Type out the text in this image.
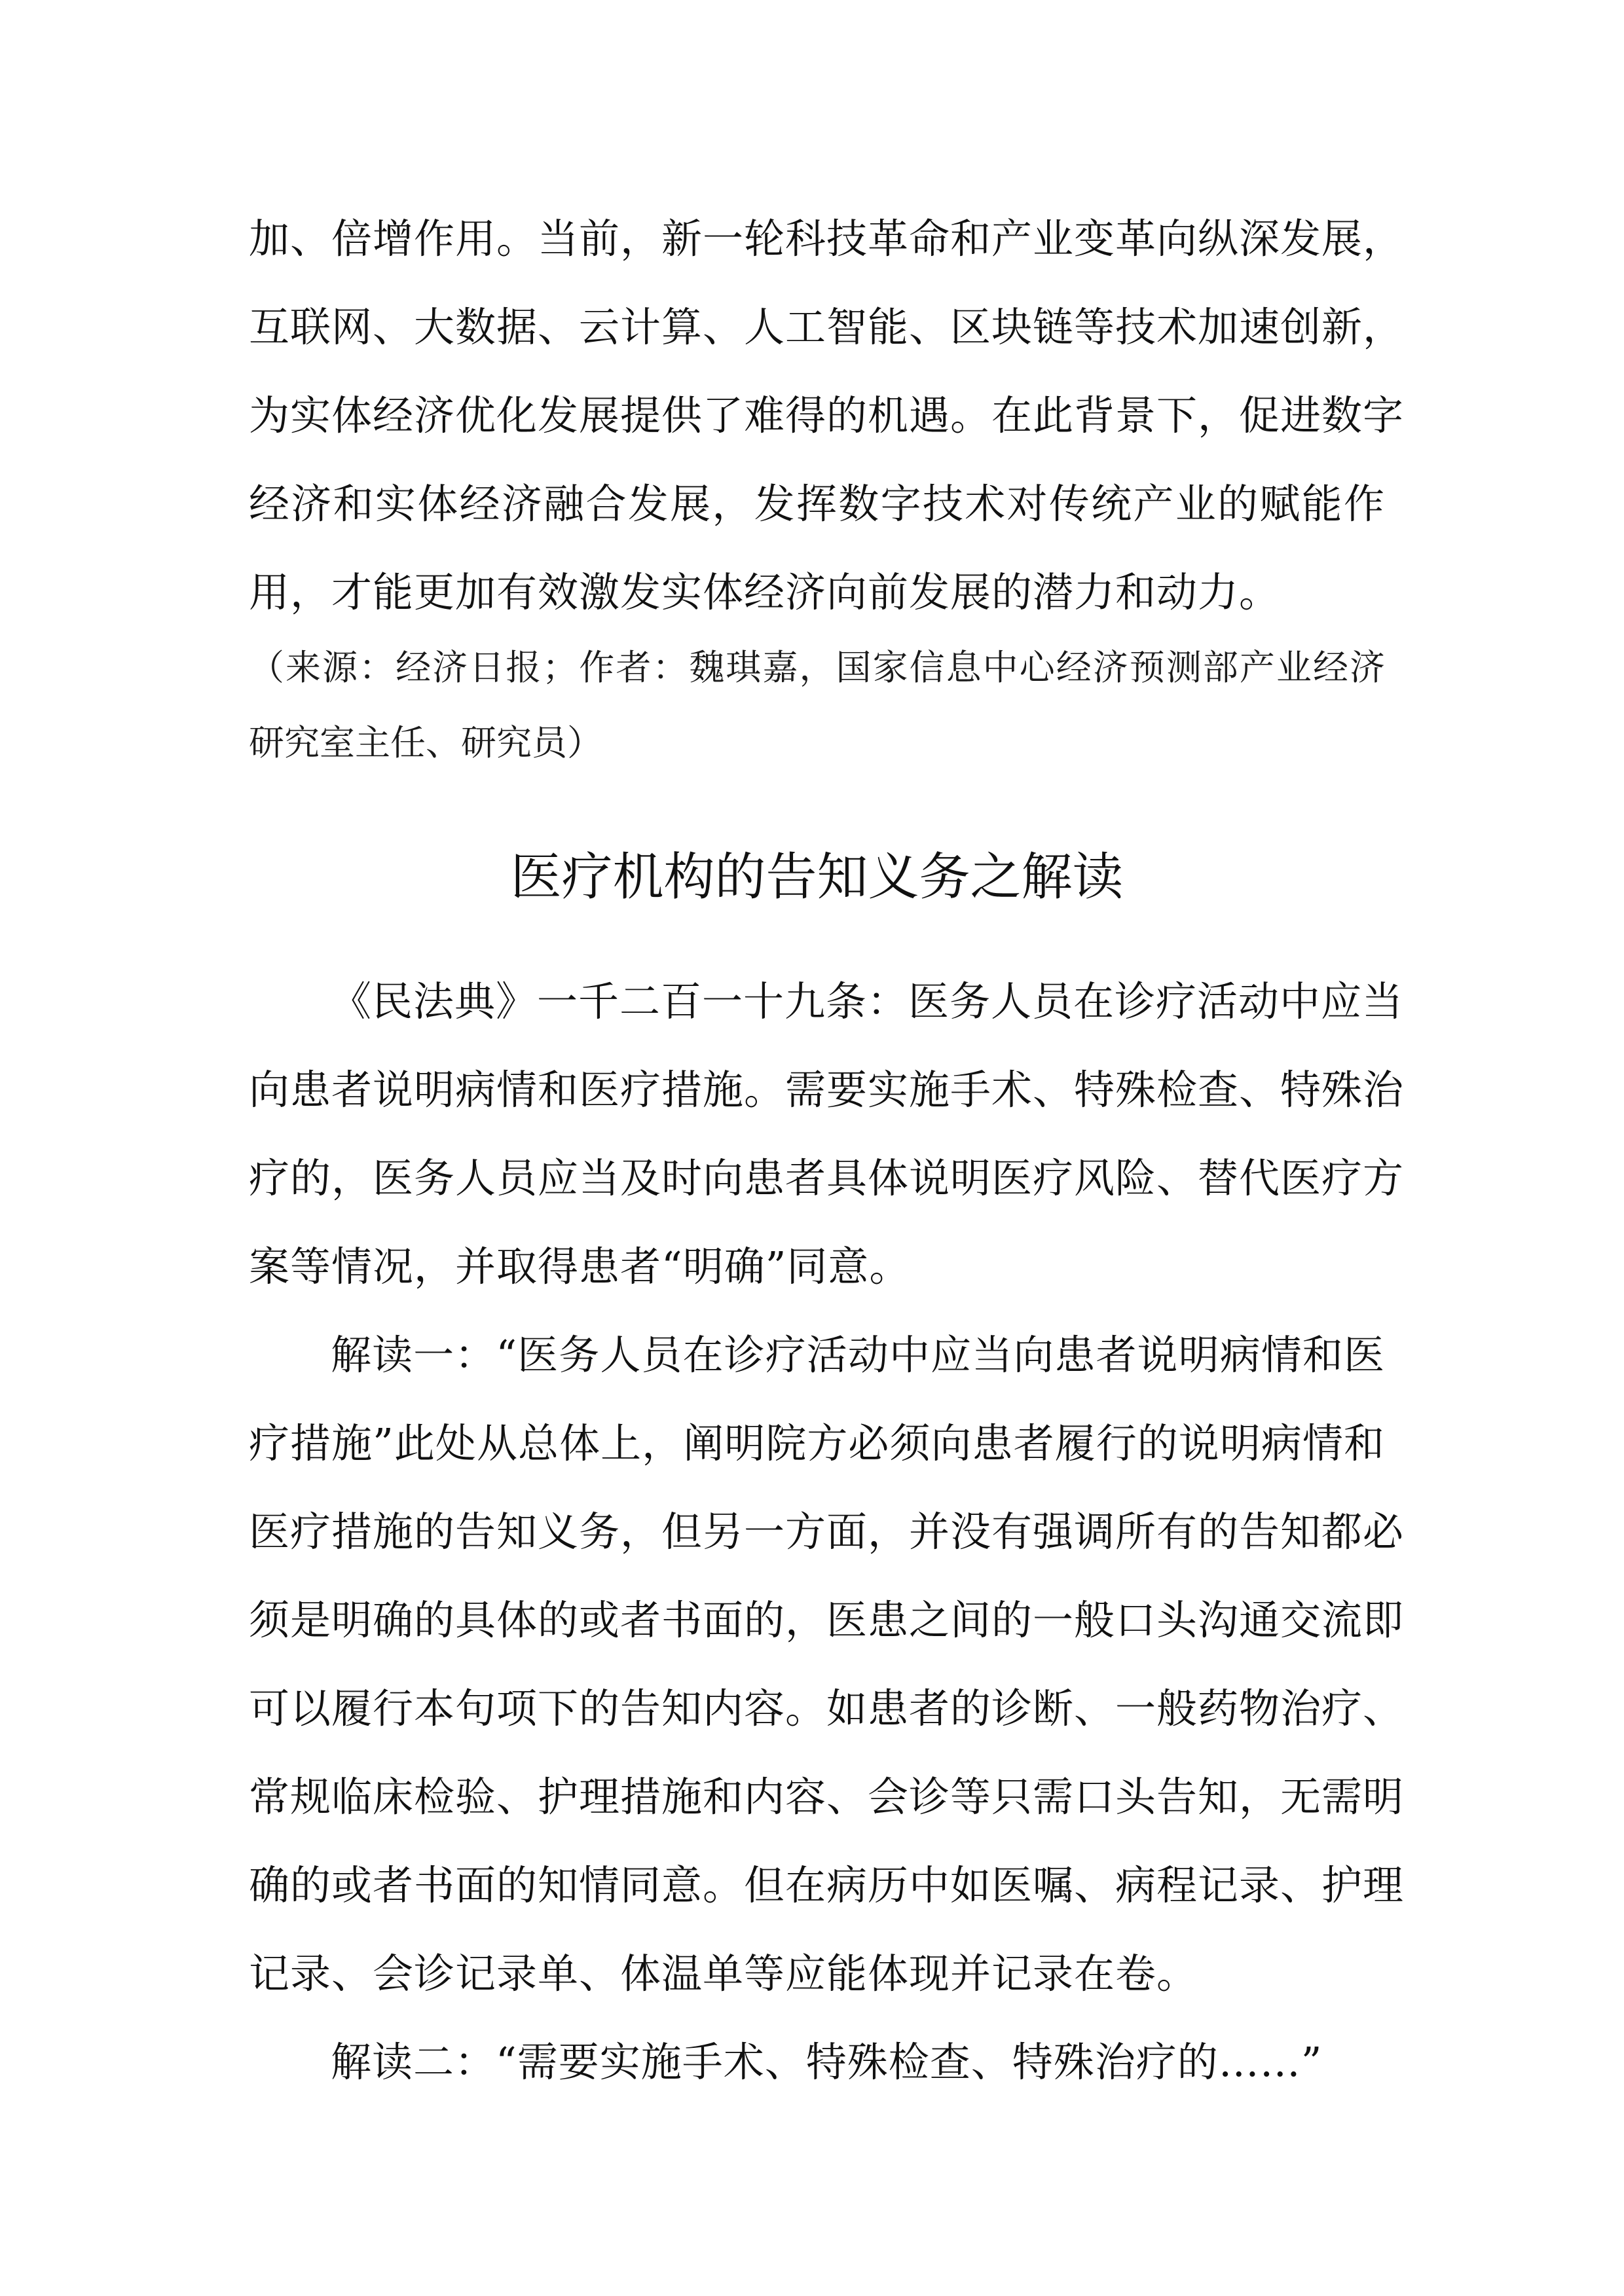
加、倍增作用。当前，新一轮科技革命和产业变革向纵深发展，
互联网、大数据、云计算、人工智能、区块链等技术加速创新，
为实体经济优化发展提供了难得的机遇。在此背景下，促进数字
经济和实体经济融合发展，发挥数字技术对传统产业的赋能作
用，才能更加有效激发实体经济向前发展的潜力和动力。
（来源：经济日报；作者：魏琪嘉，国家信息中心经济预测部产业经济
研究室主任、研究员）
医疗机构的告知义务之解读
《民法典》一千二百一十九条：医务人员在诊疗活动中应当
向患者说明病情和医疗措施。需要实施手术、特殊检查、特殊治
疗的，医务人员应当及时向患者具体说明医疗风险、替代医疗方
案等情况，并取得患者“明确”同意。
解读一：“医务人员在诊疗活动中应当向患者说明病情和医
疗措施”此处从总体上，阐明院方必须向患者履行的说明病情和
医疗措施的告知义务，但另一方面，并没有强调所有的告知都必
须是明确的具体的或者书面的，医患之间的一般口头沟通交流即
可以履行本句项下的告知内容。如患者的诊断、一般药物治疗、
常规临床检验、护理措施和内容、会诊等只需口头告知，无需明
确的或者书面的知情同意。但在病历中如医嘱、病程记录、护理
记录、会诊记录单、体温单等应能体现并记录在卷。
解读二：“需要实施手术、特殊检查、特殊治疗的……”
